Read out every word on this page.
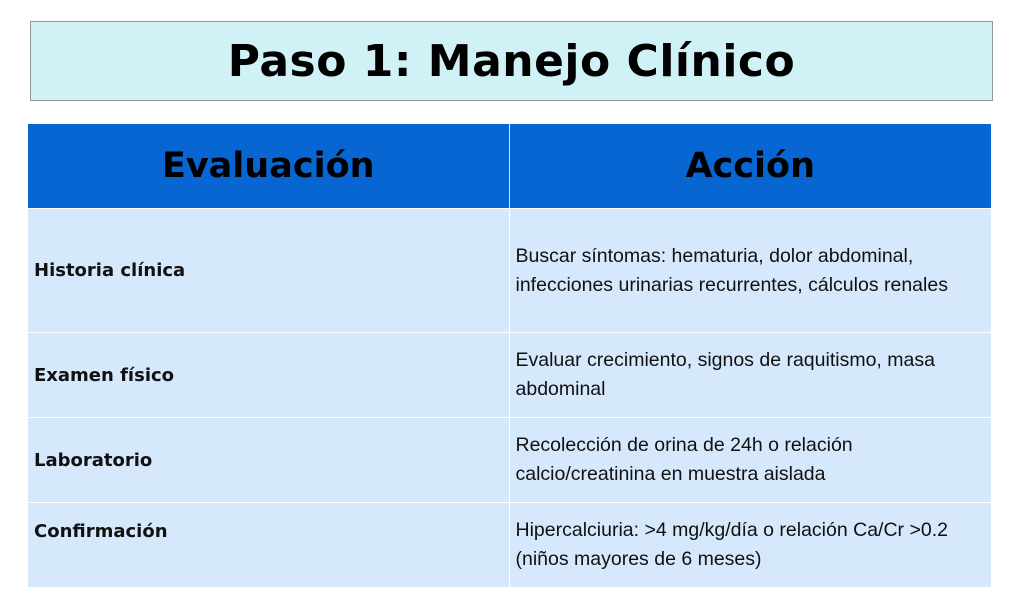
Paso 1: Manejo Clínico
Evaluación	Acción
Historia clínica	Buscar síntomas: hematuria, dolor abdominal, infecciones urinarias recurrentes, cálculos renales
Examen físico	Evaluar crecimiento, signos de raquitismo, masa abdominal
Laboratorio	Recolección de orina de 24h o relación calcio/creatinina en muestra aislada
Confirmación	Hipercalciuria: >4 mg/kg/día o relación Ca/Cr >0.2 (niños mayores de 6 meses)
